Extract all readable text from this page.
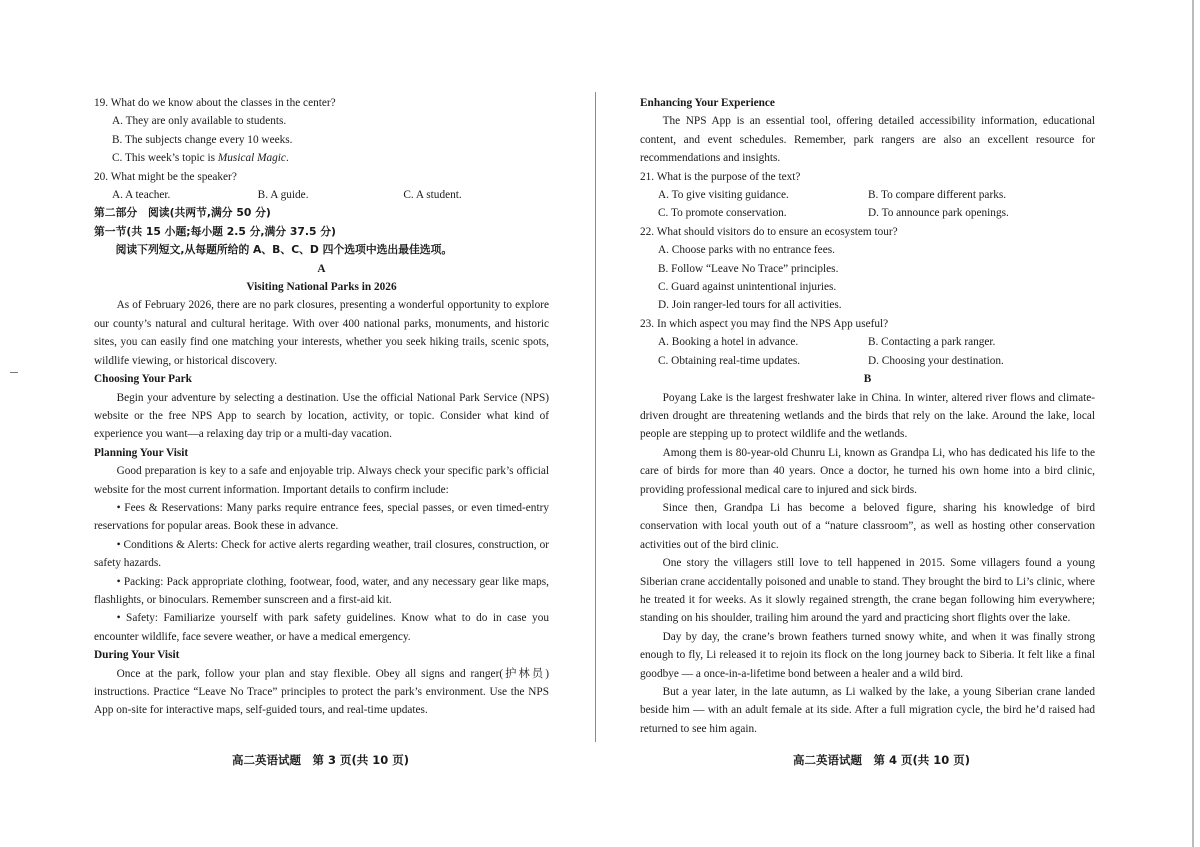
19. What do we know about the classes in the center?

A. They are only available to students.

B. The subjects change every 10 weeks.

C. This week’s topic is Musical Magic.

20. What might be the speaker?

A. A teacher.	B. A guide.	C. A student.

第二部分　阅读(共两节,满分 50 分)

第一节(共 15 小题;每小题 2.5 分,满分 37.5 分)

阅读下列短文,从每题所给的 A、B、C、D 四个选项中选出最佳选项。

A

Visiting National Parks in 2026

As of February 2026, there are no park closures, presenting a wonderful opportunity to explore our county’s natural and cultural heritage. With over 400 national parks, monuments, and historic sites, you can easily find one matching your interests, whether you seek hiking trails, scenic spots, wildlife viewing, or historical discovery.

Choosing Your Park

Begin your adventure by selecting a destination. Use the official National Park Service (NPS) website or the free NPS App to search by location, activity, or topic. Consider what kind of experience you want—a relaxing day trip or a multi-day vacation.

Planning Your Visit

Good preparation is key to a safe and enjoyable trip. Always check your specific park’s official website for the most current information. Important details to confirm include:

• Fees & Reservations: Many parks require entrance fees, special passes, or even timed-entry reservations for popular areas. Book these in advance.

• Conditions & Alerts: Check for active alerts regarding weather, trail closures, construction, or safety hazards.

• Packing: Pack appropriate clothing, footwear, food, water, and any necessary gear like maps, flashlights, or binoculars. Remember sunscreen and a first-aid kit.

• Safety: Familiarize yourself with park safety guidelines. Know what to do in case you encounter wildlife, face severe weather, or have a medical emergency.

During Your Visit

Once at the park, follow your plan and stay flexible. Obey all signs and ranger(护林员) instructions. Practice “Leave No Trace” principles to protect the park’s environment. Use the NPS App on-site for interactive maps, self-guided tours, and real-time updates.

Enhancing Your Experience

The NPS App is an essential tool, offering detailed accessibility information, educational content, and event schedules. Remember, park rangers are also an excellent resource for recommendations and insights.

21. What is the purpose of the text?

A. To give visiting guidance.	B. To compare different parks.
C. To promote conservation.	D. To announce park openings.

22. What should visitors do to ensure an ecosystem tour?

A. Choose parks with no entrance fees.

B. Follow “Leave No Trace” principles.

C. Guard against unintentional injuries.

D. Join ranger-led tours for all activities.

23. In which aspect you may find the NPS App useful?

A. Booking a hotel in advance.	B. Contacting a park ranger.
C. Obtaining real-time updates.	D. Choosing your destination.

B

Poyang Lake is the largest freshwater lake in China. In winter, altered river flows and climate-driven drought are threatening wetlands and the birds that rely on the lake. Around the lake, local people are stepping up to protect wildlife and the wetlands.

Among them is 80-year-old Chunru Li, known as Grandpa Li, who has dedicated his life to the care of birds for more than 40 years. Once a doctor, he turned his own home into a bird clinic, providing professional medical care to injured and sick birds.

Since then, Grandpa Li has become a beloved figure, sharing his knowledge of bird conservation with local youth out of a “nature classroom”, as well as hosting other conservation activities out of the bird clinic.

One story the villagers still love to tell happened in 2015. Some villagers found a young Siberian crane accidentally poisoned and unable to stand. They brought the bird to Li’s clinic, where he treated it for weeks. As it slowly regained strength, the crane began following him everywhere; standing on his shoulder, trailing him around the yard and practicing short flights over the lake.

Day by day, the crane’s brown feathers turned snowy white, and when it was finally strong enough to fly, Li released it to rejoin its flock on the long journey back to Siberia. It felt like a final goodbye — a once-in-a-lifetime bond between a healer and a wild bird.

But a year later, in the late autumn, as Li walked by the lake, a young Siberian crane landed beside him — with an adult female at its side. After a full migration cycle, the bird he’d raised had returned to see him again.

高二英语试题　第 3 页(共 10 页)	高二英语试题　第 4 页(共 10 页)
